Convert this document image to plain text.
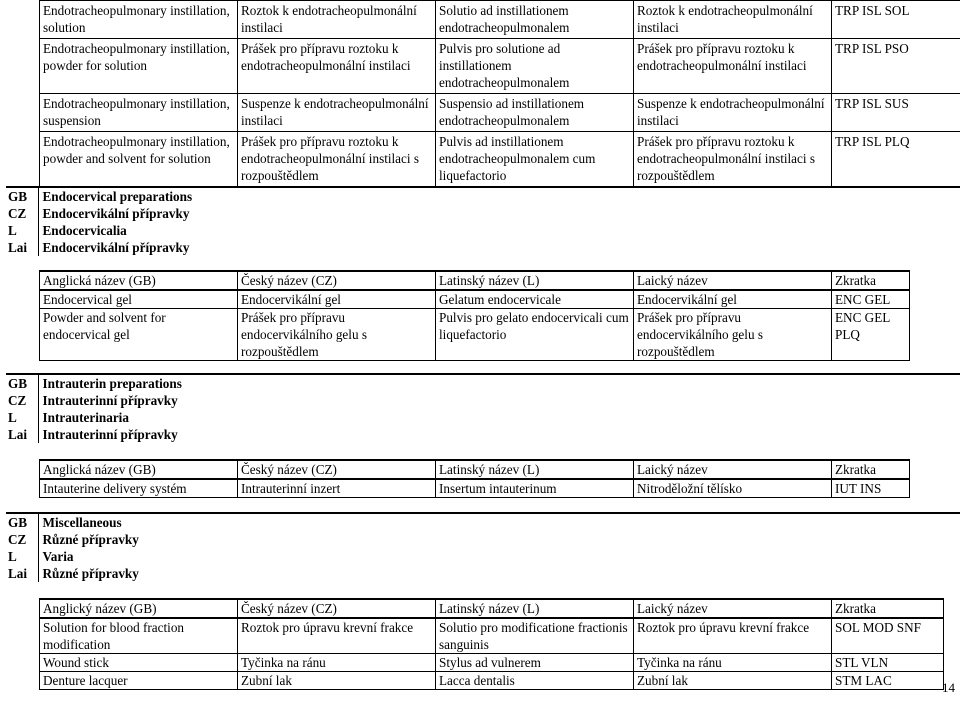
Endotracheopulmonary instillation, solution	Roztok k endotracheopulmonální instilaci	Solutio ad instillationem endotracheopulmonalem	Roztok k endotracheopulmonální instilaci	TRP ISL SOL
Endotracheopulmonary instillation, powder for solution	Prášek pro přípravu roztoku k endotracheopulmonální instilaci	Pulvis pro solutione ad instillationem endotracheopulmonalem	Prášek pro přípravu roztoku k endotracheopulmonální instilaci	TRP ISL PSO
Endotracheopulmonary instillation, suspension	Suspenze k endotracheopulmonální instilaci	Suspensio ad instillationem endotracheopulmonalem	Suspenze k endotracheopulmonální instilaci	TRP ISL SUS
Endotracheopulmonary instillation, powder and solvent for solution	Prášek pro přípravu roztoku k endotracheopulmonální instilaci s rozpouštědlem	Pulvis ad instillationem endotracheopulmonalem cum liquefactorio	Prášek pro přípravu roztoku k endotracheopulmonální instilaci s rozpouštědlem	TRP ISL PLQ
GB	Endocervical preparations
CZ	Endocervikální přípravky
L	Endocervicalia
Lai	Endocervikální přípravky
Anglická název (GB)	Český název (CZ)	Latinský název (L)	Laický název	Zkratka
Endocervical gel	Endocervikální gel	Gelatum endocervicale	Endocervikální gel	ENC GEL
Powder and solvent for endocervical gel	Prášek pro přípravu endocervikálního gelu s rozpouštědlem	Pulvis pro gelato endocervicali cum liquefactorio	Prášek pro přípravu endocervikálního gelu s rozpouštědlem	ENC GEL PLQ
GB	Intrauterin preparations
CZ	Intrauterinní přípravky
L	Intrauterinaria
Lai	Intrauterinní přípravky
Anglická název (GB)	Český název (CZ)	Latinský název (L)	Laický název	Zkratka
Intauterine delivery systém	Intrauterinní inzert	Insertum intauterinum	Nitroděložní tělísko	IUT INS
GB	Miscellaneous
CZ	Různé přípravky
L	Varia
Lai	Různé přípravky
Anglický název (GB)	Český název (CZ)	Latinský název (L)	Laický název	Zkratka
Solution for blood fraction modification	Roztok pro úpravu krevní frakce	Solutio pro modificatione fractionis sanguinis	Roztok pro úpravu krevní frakce	SOL MOD SNF
Wound stick	Tyčinka na ránu	Stylus ad vulnerem	Tyčinka na ránu	STL VLN
Denture lacquer	Zubní lak	Lacca dentalis	Zubní lak	STM LAC	14
